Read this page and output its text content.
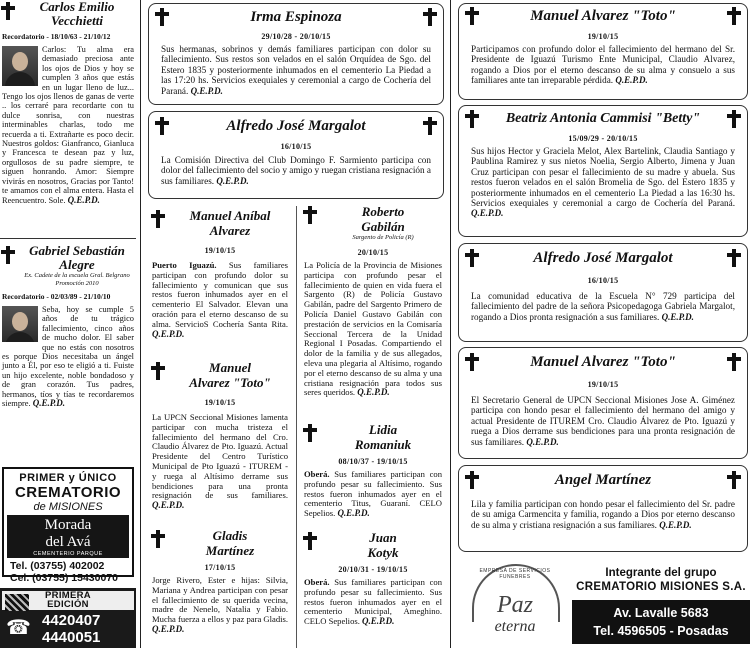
Carlos Emilio
Vecchietti
Recordatorio - 18/10/63 - 21/10/12
Carlos: Tu alma era demasiado preciosa ante los ojos de Dios y hoy se cumplen 3 años que estás en un lugar lleno de luz... Tengo los ojos llenos de ganas de verte .. los cerraré para recordarte con tu dulce sonrisa, con nuestras interminables charlas, todo me recuerda a ti. Extrañarte es poco decir. Nuestros goldos: Gianfranco, Gianluca y Francesca te desean paz y luz, orgullosos de su padre siempre, te siguen honrando. Amor: Siempre vivirás en nosotros, Gracias por Tanto! te amamos con el alma entera. Hasta el Reencuentro. Sole. Q.E.P.D.
Gabriel Sebastián
Alegre
Ex. Cadete de la escuela Gral. Belgrano
Promoción 2010
Recordatorio - 02/03/89 - 21/10/10
Seba, hoy se cumple 5 años de tu trágico fallecimiento, cinco años de mucho dolor. El saber que no estás con nosotros es porque Dios necesitaba un ángel junto a Él, por eso te eligió a ti. Fuiste un hijo excelente, noble bondadoso y de gran corazón. Tus padres, hermanos, tíos y tías te recordaremos siempre. Q.E.P.D.
PRIMER y ÚNICO
CREMATORIO
de MISIONES
Morada
del Avá
CEMENTERIO PARQUE
Tel. (03755) 402002
Cel. (03755) 15430070
PRIMERA
EDICIÓN
☎ 4420407
4440051
Irma Espinoza
29/10/28 - 20/10/15
Sus hermanas, sobrinos y demás familiares participan con dolor su fallecimiento. Sus restos son velados en el salón Orquídea de Sgo. del Estero 1835 y posteriormente inhumados en el cementerio La Piedad a las 17:20 hs. Servicios exequiales y ceremonial a cargo de Cochería del Paraná. Q.E.P.D.
Alfredo José Margalot
16/10/15
La Comisión Directiva del Club Domingo F. Sarmiento participa con dolor del fallecimiento del socio y amigo y ruegan cristiana resignación a sus familiares. Q.E.P.D.
Manuel Aníbal
Alvarez
19/10/15
Puerto Iguazú. Sus familiares participan con profundo dolor su fallecimiento y comunican que sus restos fueron inhumados ayer en el cementerio El Salvador. Elevan una oración para el eterno descanso de su alma. ServicioS Cochería Santa Rita. Q.E.P.D.
Manuel
Alvarez "Toto"
19/10/15
La UPCN Seccional Misiones lamenta participar con mucha tristeza el fallecimiento del hermano del Cro. Claudio Álvarez de Pto. Iguazú. Actual Presidente del Centro Turístico Municipal de Pto Iguazú - ITUREM - y ruega al Altísimo derrame sus bendiciones para una pronta resignación de sus familiares. Q.E.P.D.
Gladis
Martínez
17/10/15
Jorge Rivero, Ester e hijas: Silvia, Mariana y Andrea participan con pesar el fallecimiento de su querida vecina, madre de Nenelo, Natalia y Fabio. Mucha fuerza a ellos y paz para Gladis. Q.E.P.D.
Roberto
Gabilán
Sargento de Policía (R)
20/10/15
La Policía de la Provincia de Misiones participa con profundo pesar el fallecimiento de quien en vida fuera el Sargento (R) de Policía Gustavo Gabilán, padre del Sargento Primero de Policía Daniel Gustavo Gabilán con prestación de servicios en la Comisaría Seccional Tercera de la Unidad Regional I Posadas. Compartiendo el dolor de la familia y de sus allegados, eleva una plegaria al Altísimo, rogando por el eterno descanso de su alma y una cristiana resignación para todos sus seres queridos. Q.E.P.D.
Lidia
Romaniuk
08/10/37 - 19/10/15
Oberá. Sus familiares participan con profundo pesar su fallecimiento. Sus restos fueron inhumados ayer en el cementerio Titus, Guaraní. CELO Sepelios. Q.E.P.D.
Juan
Kotyk
20/10/31 - 19/10/15
Oberá. Sus familiares participan con profundo pesar su fallecimiento. Sus restos fueron inhumados ayer en el cementerio Municipal, Ameghino. CELO Sepelios. Q.E.P.D.
Manuel Alvarez "Toto"
19/10/15
Participamos con profundo dolor el fallecimiento del hermano del Sr. Presidente de Iguazú Turismo Ente Municipal, Claudio Alvarez, rogando a Dios por el eterno descanso de su alma y consuelo a sus familiares ante tan irreparable pérdida. Q.E.P.D.
Beatriz Antonia Cammisi "Betty"
15/09/29 - 20/10/15
Sus hijos Hector y Graciela Melot, Alex Bartelink, Claudia Santiago y Paublina Ramirez y sus nietos Noelia, Sergio Alberto, Jimena y Juan Cruz participan con pesar el fallecimiento de su madre y abuela. Sus restos fueron velados en el salón Bromelia de Sgo. del Estero 1835 y posteriormente inhumados en el cementerio La Piedad a las 16:30 hs. Servicios exequiales y ceremonial a cargo de Cochería del Paraná. Q.E.P.D.
Alfredo José Margalot
16/10/15
La comunidad educativa de la Escuela N° 729 participa del fallecimiento del padre de la señora Psicopedagoga Gabriela Margalot, rogando a Dios pronta resignación a sus familiares. Q.E.P.D.
Manuel Alvarez "Toto"
19/10/15
El Secretario General de UPCN Seccional Misiones Jose A. Giménez participa con hondo pesar el fallecimiento del hermano del amigo y actual Presidente de ITUREM Cro. Claudio Álvarez de Pto. Iguazú y ruega a Dios derrame sus bendiciones para una pronta resignación de sus familiares. Q.E.P.D.
Angel Martínez
Lila y familia participan con hondo pesar el fallecimiento del Sr. padre de su amiga Carmencita y familia, rogando a Dios por eterno descanso de su alma y cristiana resignación a sus familiares. Q.E.P.D.
EMPRESA DE SERVICIOS FUNEBRES
Paz
eterna
Integrante del grupo
CREMATORIO MISIONES S.A.
Av. Lavalle 5683
Tel. 4596505 - Posadas
